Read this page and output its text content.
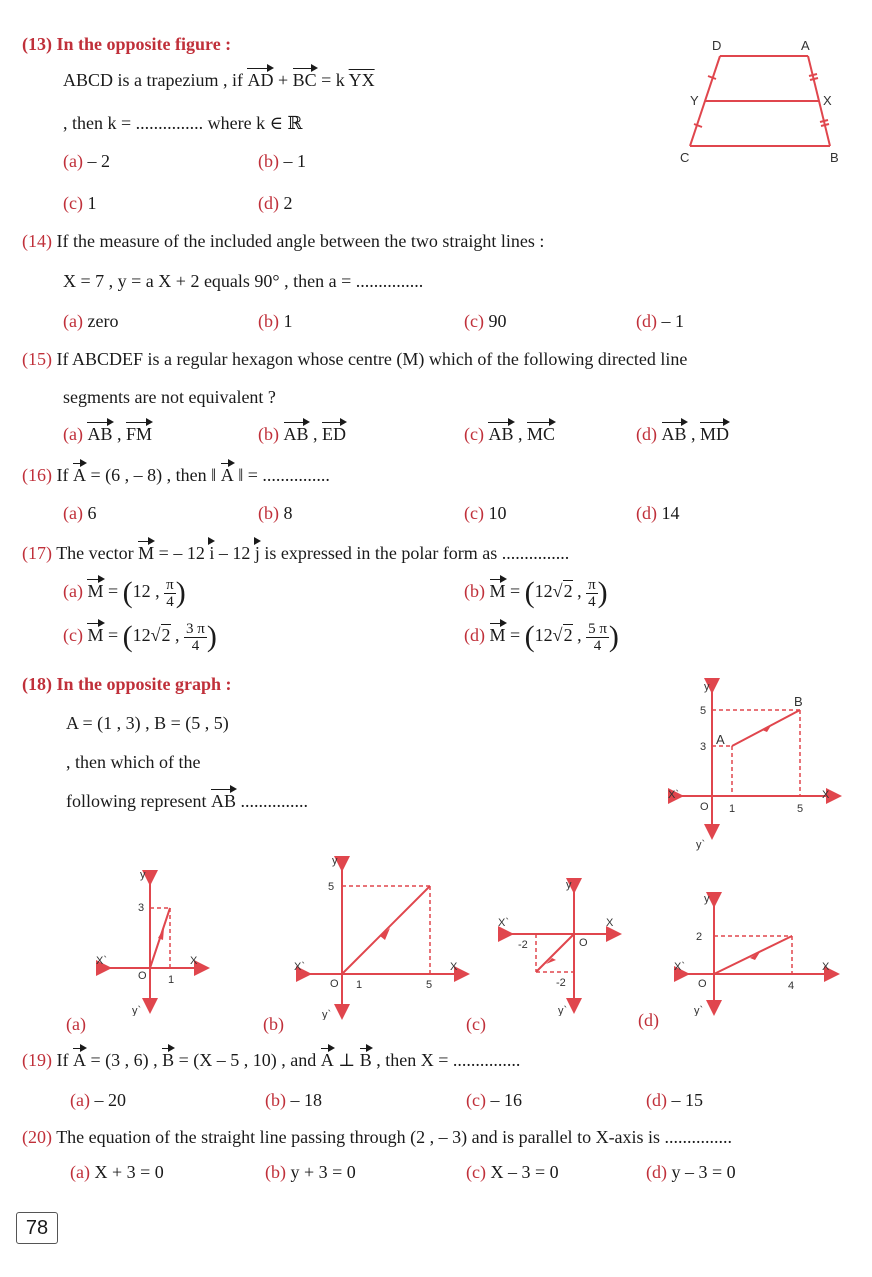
(13) In the opposite figure :
ABCD is a trapezium , if AD + BC = k $\overline{YX}$
, then k = ............... where k ∈ ℝ
(a) – 2	(b) – 1
(c) 1	(d) 2
D	A
Y	X
C	B
(14) If the measure of the included angle between the two straight lines :
X = 7 , y = a X + 2 equals 90° , then a = ...............
(a) zero	(b) 1	(c) 90	(d) – 1
(15) If ABCDEF is a regular hexagon whose centre (M) which of the following directed line
segments are not equivalent ?
(a) AB , FM	(b) AB , ED	(c) AB , MC	(d) AB , MD
(16) If A = (6 , – 8) , then ‖ A ‖ = ...............
(a) 6	(b) 8	(c) 10	(d) 14
(17) The vector M = – 12 i – 12 j is expressed in the polar form as ...............
(a) M = (12 , $\frac{\pi}{4}$ )	(b) M = (12√2 , $\frac{\pi}{4}$ )
(c) M = (12√2 , $\frac{3 \pi}{4}$ )	(d) M = (12√2 , $\frac{5 \pi}{4}$ )
(18) In the opposite graph :
A = (1 , 3) , B = (5 , 5)
, then which of the
following represent AB ...............
y
X
X`
y`
O 1	5
3
5
A
B
y
X
X`
y`
O 1
3
(a)
y
X
X`
y`
O 1	5
5
(b)
y
X
X`
y`
O
-2
-2
(c)
y
X
X`
y`
O	4
2
(d)
(19) If A = (3 , 6) , B = (X – 5 , 10) , and A ⊥ B , then X = ...............
(a) – 20	(b) – 18	(c) – 16	(d) – 15
(20) The equation of the straight line passing through (2 , – 3) and is parallel to X-axis is ...............
(a) X + 3 = 0	(b) y + 3 = 0	(c) X – 3 = 0	(d) y – 3 = 0
78
